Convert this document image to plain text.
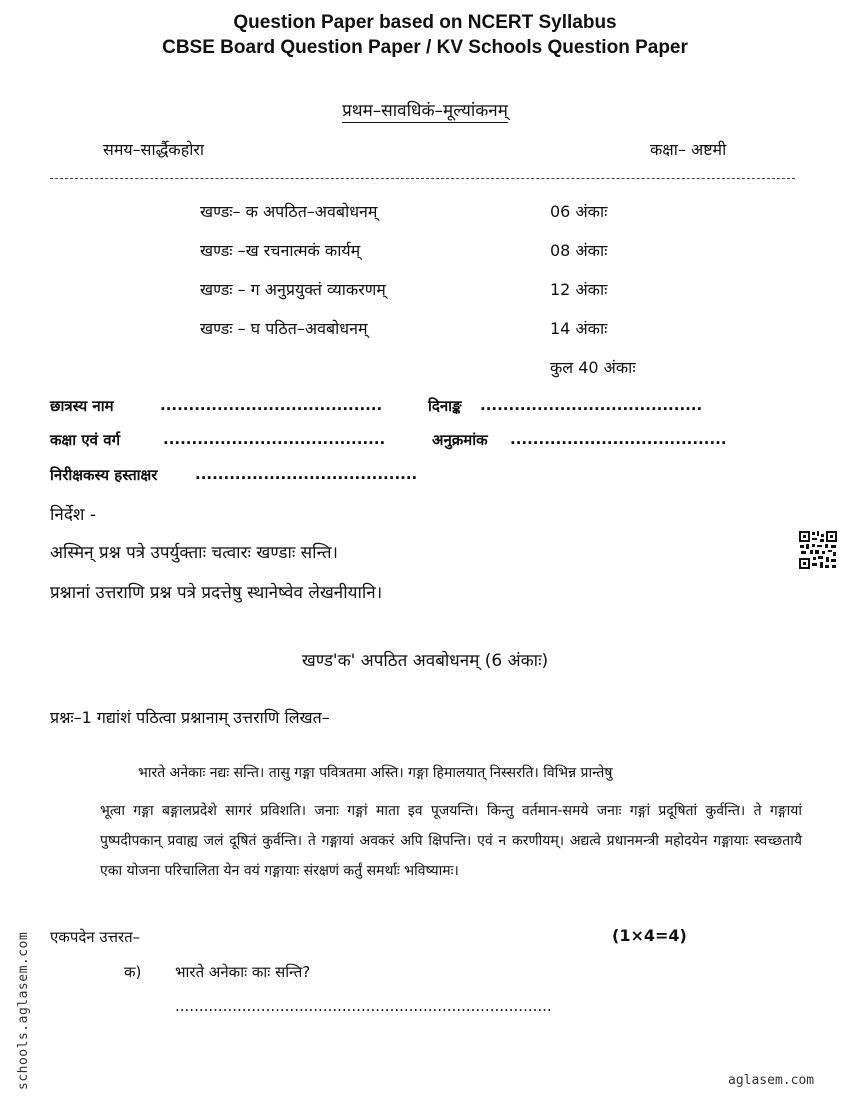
Question Paper based on NCERT Syllabus
CBSE Board Question Paper / KV Schools Question Paper
प्रथम–सावधिकं–मूल्यांकनम्
समय–सार्द्धैकहोरा	कक्षा– अष्टमी
खण्डः– क अपठित–अवबोधनम्	06 अंकाः
खण्डः –ख रचनात्मकं कार्यम्	08 अंकाः
खण्डः – ग अनुप्रयुक्तं व्याकरणम्	12 अंकाः
खण्डः – घ पठित–अवबोधनम्	14 अंकाः
कुल 40 अंकाः
छात्रस्य नाम	.......................................	दिनाङ्क .......................................
कक्षा एवं वर्ग	.......................................	अनुक्रमांक ......................................
निरीक्षकस्य हस्ताक्षर	.......................................
निर्देश -
अस्मिन् प्रश्न पत्रे उपर्युक्ताः चत्वारः खण्डाः सन्ति।
प्रश्नानां उत्तराणि प्रश्न पत्रे प्रदत्तेषु स्थानेष्वेव लेखनीयानि।
खण्ड'क' अपठित अवबोधनम् (6 अंकाः)
प्रश्नः–1 गद्यांशं पठित्वा प्रश्नानाम् उत्तराणि लिखत–
भारते अनेकाः नद्यः सन्ति। तासु गङ्गा पवित्रतमा अस्ति। गङ्गा हिमालयात् निस्सरति। विभिन्न प्रान्तेषु
भूत्वा गङ्गा बङ्गालप्रदेशे सागरं प्रविशति। जनाः गङ्गां माता इव पूजयन्ति। किन्तु वर्तमान-समये जनाः गङ्गां प्रदूषितां कुर्वन्ति। ते गङ्गायां पुष्पदीपकान् प्रवाह्य जलं दूषितं कुर्वन्ति। ते गङ्गायां अवकरं अपि क्षिपन्ति। एवं न करणीयम्। अद्यत्वे प्रधानमन्त्री महोदयेन गङ्गायाः स्वच्छतायै एका योजना परिचालिता येन वयं गङ्गायाः संरक्षणं कर्तुं समर्थाः भविष्यामः।
एकपदेन उत्तरत–	(1×4=4)
क) भारते अनेकाः काः सन्ति?
...............................................................................
schools.aglasem.com	aglasem.com
